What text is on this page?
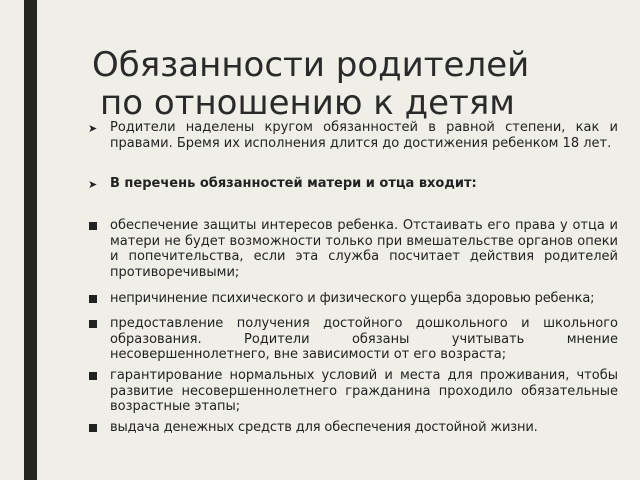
Обязанности родителей
по отношению к детям
➤ Родители наделены кругом обязанностей в равной степени, как и правами. Бремя их исполнения длится до достижения ребенком 18 лет.
➤ В перечень обязанностей матери и отца входит:
обеспечение защиты интересов ребенка. Отстаивать его права у отца и матери не будет возможности только при вмешательстве органов опеки и попечительства, если эта служба посчитает действия родителей противоречивыми;
непричинение психического и физического ущерба здоровью ребенка;
предоставление получения достойного дошкольного и школьного образования. Родители обязаны учитывать мнение несовершеннолетнего, вне зависимости от его возраста;
гарантирование нормальных условий и места для проживания, чтобы развитие несовершеннолетнего гражданина проходило обязательные возрастные этапы;
выдача денежных средств для обеспечения достойной жизни.
